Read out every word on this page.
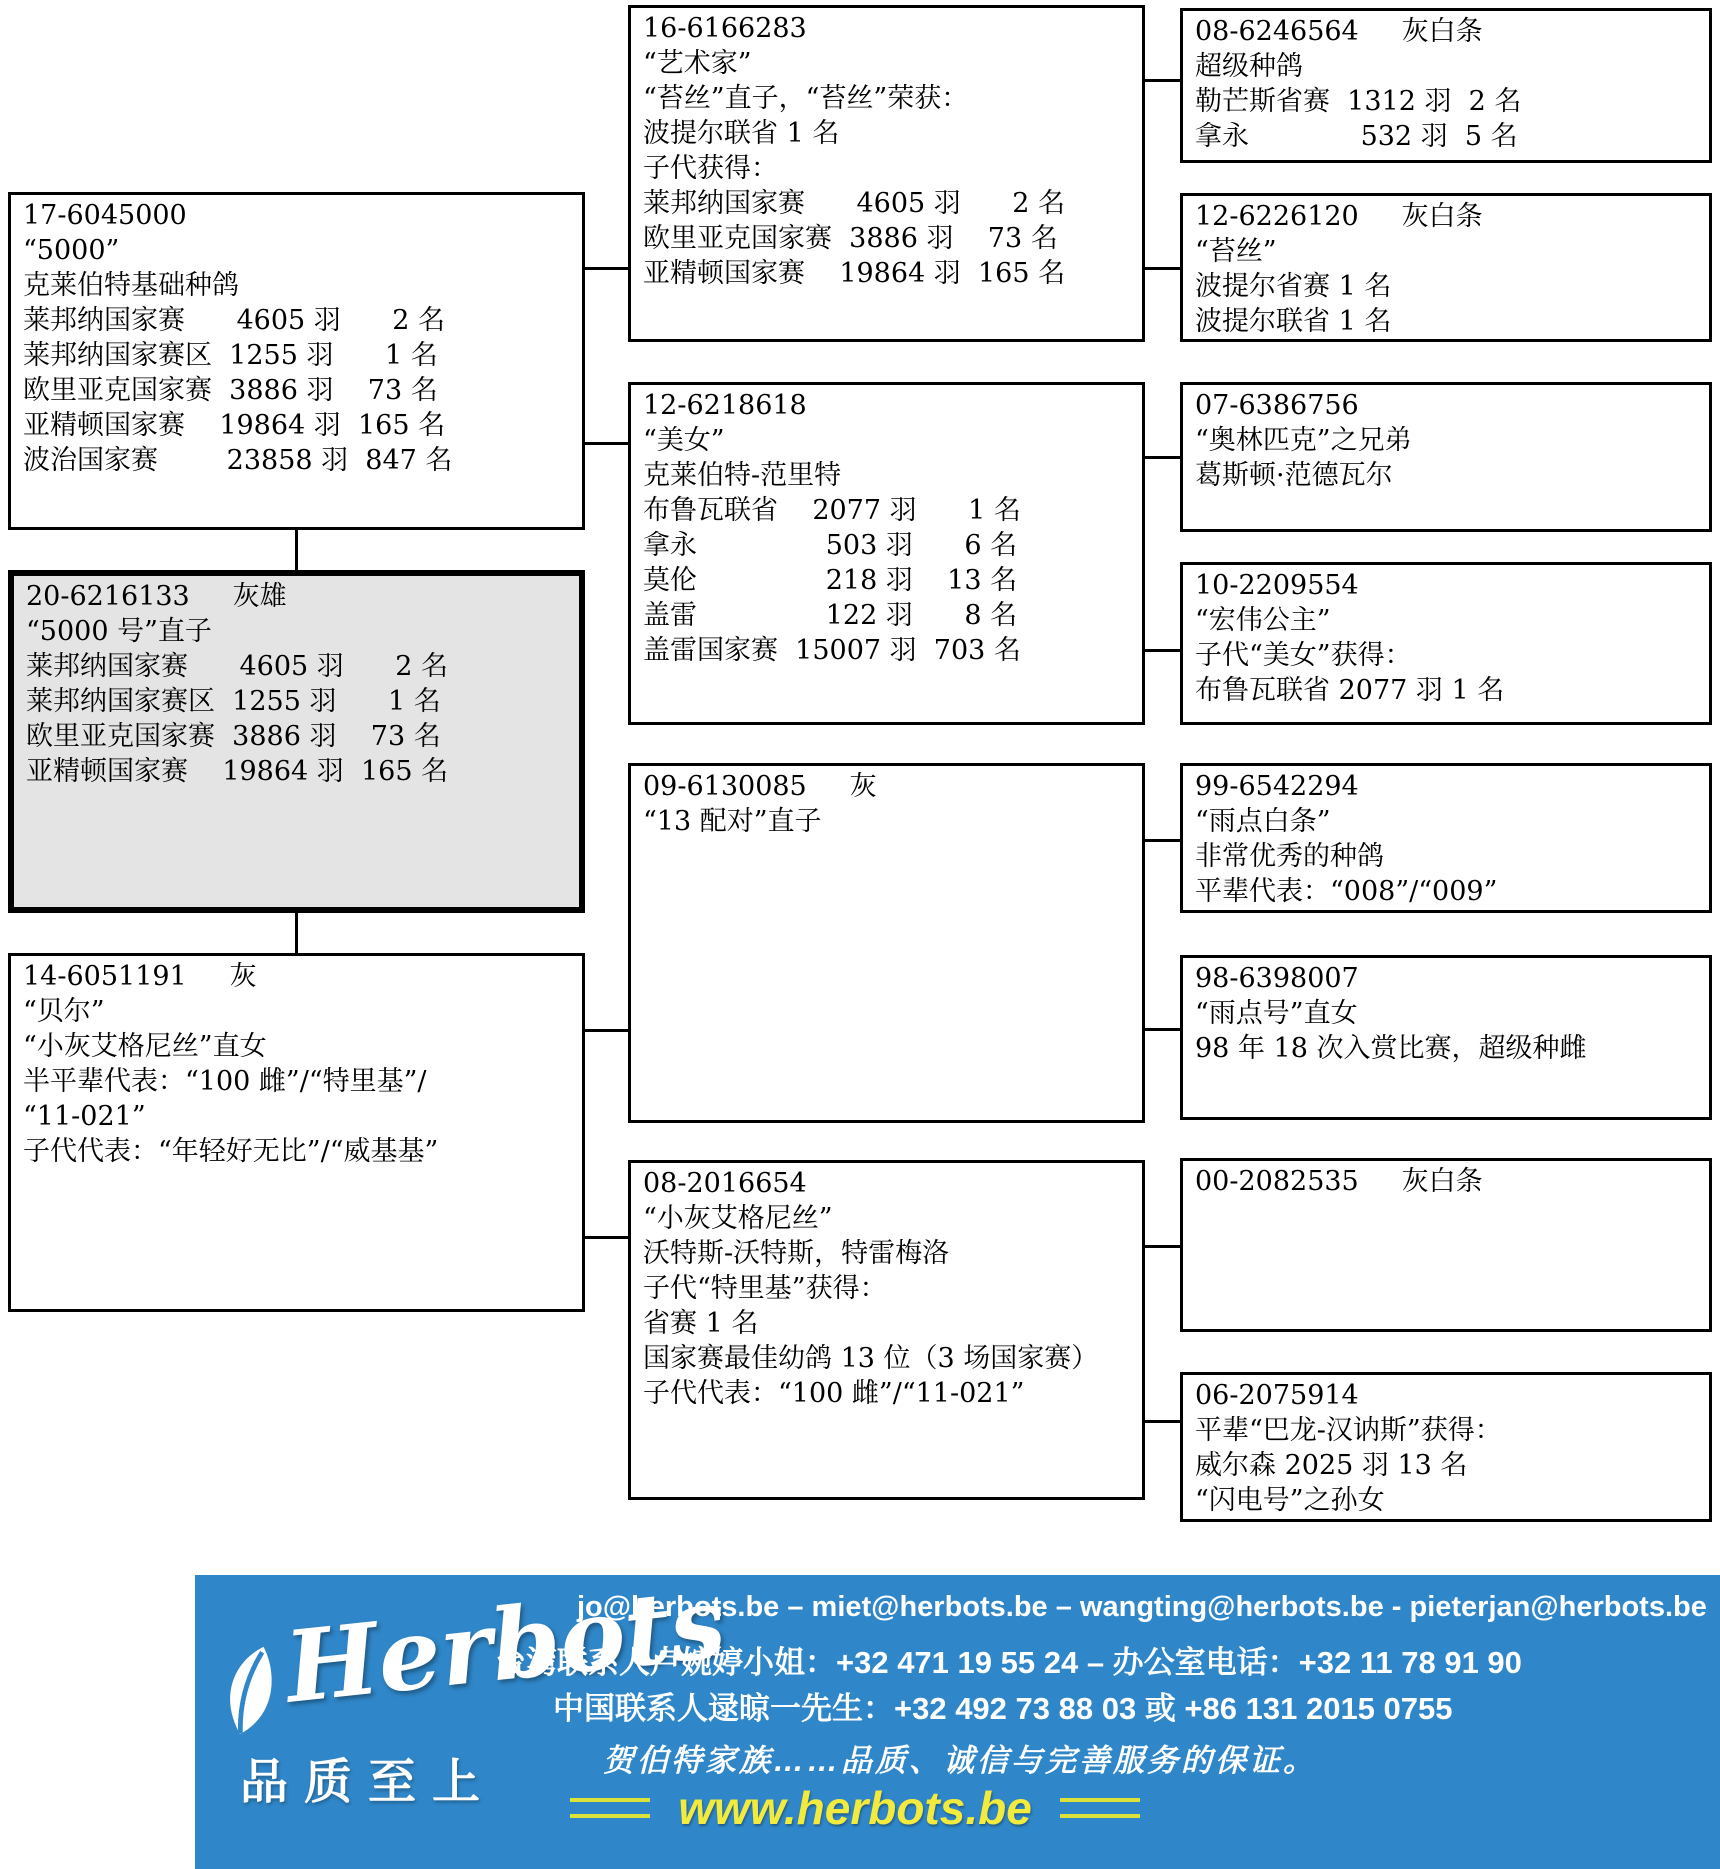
17-6045000
“5000”
克莱伯特基础种鸽
莱邦纳国家赛      4605 羽      2 名
莱邦纳国家赛区  1255 羽      1 名
欧里亚克国家赛  3886 羽    73 名
亚精顿国家赛    19864 羽  165 名
波治国家赛        23858 羽  847 名
20-6216133     灰雄
“5000 号”直子
莱邦纳国家赛      4605 羽      2 名
莱邦纳国家赛区  1255 羽      1 名
欧里亚克国家赛  3886 羽    73 名
亚精顿国家赛    19864 羽  165 名
14-6051191     灰
“贝尔”
“小灰艾格尼丝”直女
半平辈代表：“100 雌”/“特里基”/
“11-021”
子代代表：“年轻好无比”/“威基基”
16-6166283
“艺术家”
“苔丝”直子，“苔丝”荣获：
波提尔联省 1 名
子代获得：
莱邦纳国家赛      4605 羽      2 名
欧里亚克国家赛  3886 羽    73 名
亚精顿国家赛    19864 羽  165 名
12-6218618
“美女”
克莱伯特-范里特
布鲁瓦联省    2077 羽      1 名
拿永               503 羽      6 名
莫伦               218 羽    13 名
盖雷               122 羽      8 名
盖雷国家赛  15007 羽  703 名
09-6130085     灰
“13 配对”直子
08-2016654
“小灰艾格尼丝”
沃特斯-沃特斯，特雷梅洛
子代“特里基”获得：
省赛 1 名
国家赛最佳幼鸽 13 位（3 场国家赛）
子代代表：“100 雌”/“11-021”
08-6246564     灰白条
超级种鸽
勒芒斯省赛  1312 羽  2 名
拿永             532 羽  5 名
12-6226120     灰白条
“苔丝”
波提尔省赛 1 名
波提尔联省 1 名
07-6386756
“奥林匹克”之兄弟
葛斯顿·范德瓦尔
10-2209554
“宏伟公主”
子代“美女”获得：
布鲁瓦联省 2077 羽 1 名
99-6542294
“雨点白条”
非常优秀的种鸽
平辈代表：“008”/“009”
98-6398007
“雨点号”直女
98 年 18 次入赏比赛，超级种雌
00-2082535     灰白条
06-2075914
平辈“巴龙-汉讷斯”获得：
威尔森 2025 羽 13 名
“闪电号”之孙女
Herbots
品质至上
jo@herbots.be – miet@herbots.be – wangting@herbots.be - pieterjan@herbots.be
台湾联系人卢婉婷小姐：+32 471 19 55 24 – 办公室电话：+32 11 78 91 90
中国联系人逯晾一先生：+32 492 73 88 03 或 +86 131 2015 0755
贺伯特家族……品质、诚信与完善服务的保证。
www.herbots.be
